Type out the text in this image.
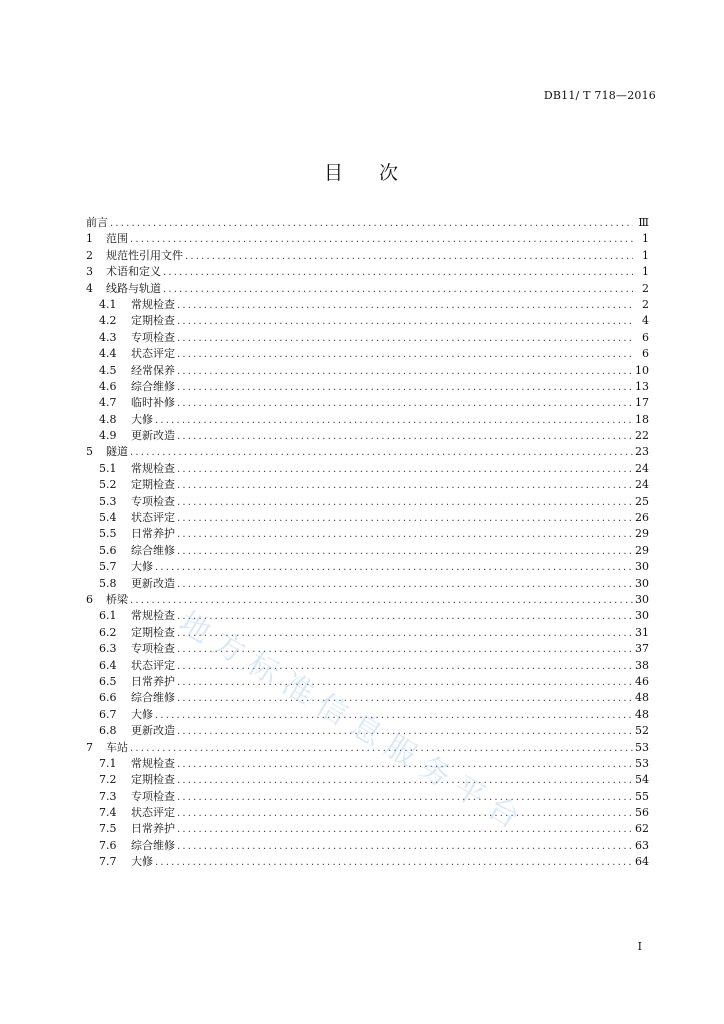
DB11/ T 718—2016
目 次
前言 .....	Ⅲ
1	范围 .....	1
2	规范性引用文件 .....	1
3	术语和定义 .....	1
4	线路与轨道 .....	2
4.1	常规检查 .....	2
4.2	定期检查 .....	4
4.3	专项检查 .....	6
4.4	状态评定 .....	6
4.5	经常保养 .....	10
4.6	综合维修 .....	13
4.7	临时补修 .....	17
4.8	大修 .....	18
4.9	更新改造 .....	22
5	隧道 .....	23
5.1	常规检查 .....	24
5.2	定期检查 .....	24
5.3	专项检查 .....	25
5.4	状态评定 .....	26
5.5	日常养护 .....	29
5.6	综合维修 .....	29
5.7	大修 .....	30
5.8	更新改造 .....	30
6	桥梁 .....	30
6.1	常规检查 .....	30
6.2	定期检查 .....	31
6.3	专项检查 .....	37
6.4	状态评定 .....	38
6.5	日常养护 .....	46
6.6	综合维修 .....	48
6.7	大修 .....	48
6.8	更新改造 .....	52
7	车站 .....	53
7.1	常规检查 .....	53
7.2	定期检查 .....	54
7.3	专项检查 .....	55
7.4	状态评定 .....	56
7.5	日常养护 .....	62
7.6	综合维修 .....	63
7.7	大修 .....	64
地方标准信息服务平台
I
